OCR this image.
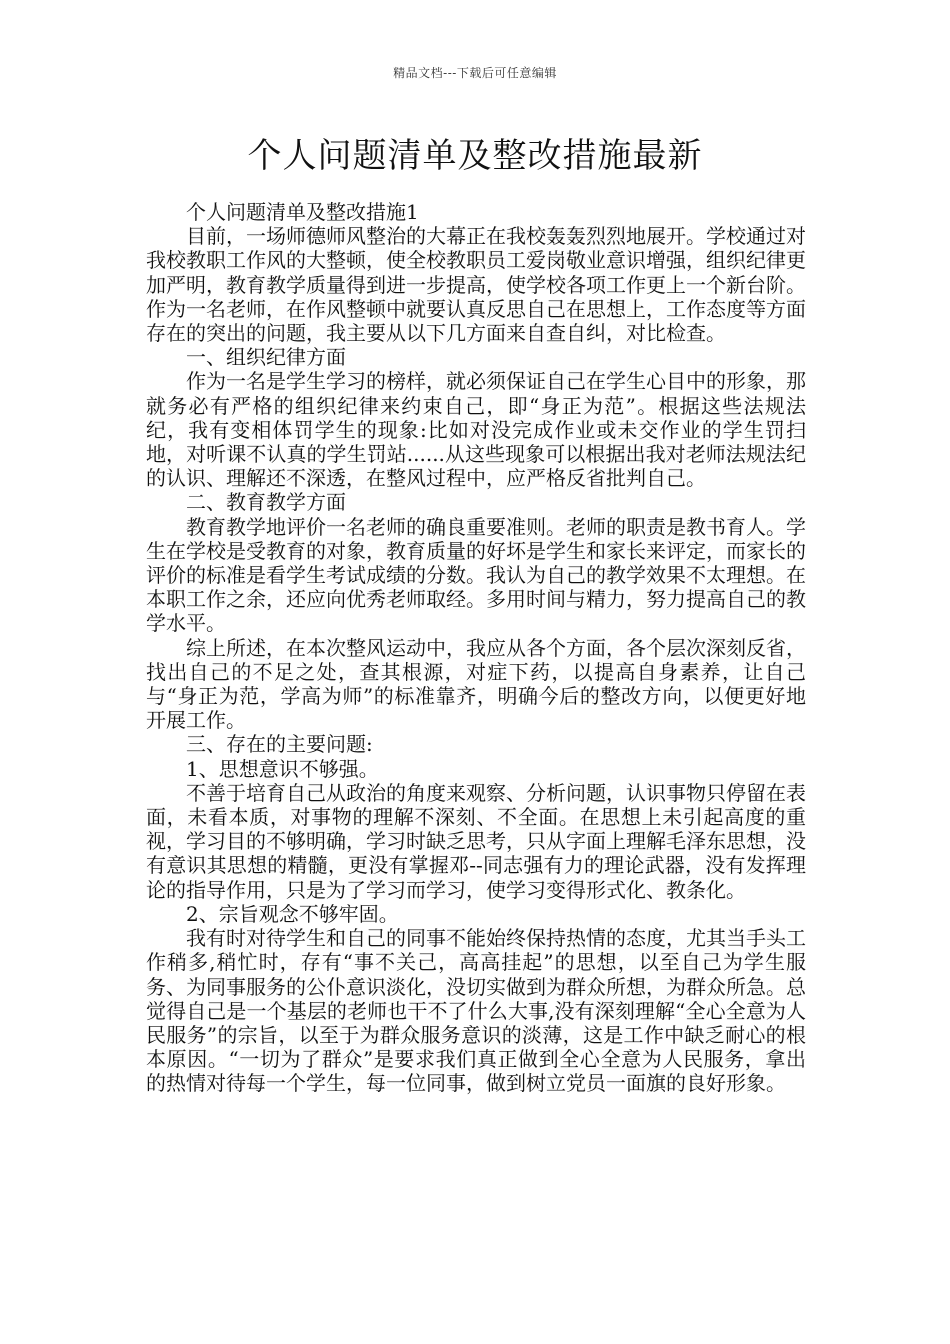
精品文档---下载后可任意编辑
个人问题清单及整改措施最新

个人问题清单及整改措施1

目前，一场师德师风整治的大幕正在我校轰轰烈烈地展开。学校通过对我校教职工作风的大整顿，使全校教职员工爱岗敬业意识增强，组织纪律更加严明，教育教学质量得到进一步提高，使学校各项工作更上一个新台阶。作为一名老师，在作风整顿中就要认真反思自己在思想上，工作态度等方面存在的突出的问题，我主要从以下几方面来自查自纠，对比检查。

一、组织纪律方面

作为一名是学生学习的榜样，就必须保证自己在学生心目中的形象，那就务必有严格的组织纪律来约束自己，即“身正为范”。根据这些法规法纪，我有变相体罚学生的现象:比如对没完成作业或未交作业的学生罚扫地，对听课不认真的学生罚站......从这些现象可以根据出我对老师法规法纪的认识、理解还不深透，在整风过程中，应严格反省批判自己。

二、教育教学方面

教育教学地评价一名老师的确良重要准则。老师的职责是教书育人。学生在学校是受教育的对象，教育质量的好坏是学生和家长来评定，而家长的评价的标准是看学生考试成绩的分数。我认为自己的教学效果不太理想。在本职工作之余，还应向优秀老师取经。多用时间与精力，努力提高自己的教学水平。

综上所述，在本次整风运动中，我应从各个方面，各个层次深刻反省，找出自己的不足之处，查其根源，对症下药，以提高自身素养，让自己与“身正为范，学高为师”的标准靠齐，明确今后的整改方向，以便更好地开展工作。

三、存在的主要问题:

1、思想意识不够强。

不善于培育自己从政治的角度来观察、分析问题，认识事物只停留在表面，未看本质，对事物的理解不深刻、不全面。在思想上未引起高度的重视，学习目的不够明确，学习时缺乏思考，只从字面上理解毛泽东思想，没有意识其思想的精髓，更没有掌握邓--同志强有力的理论武器，没有发挥理论的指导作用，只是为了学习而学习，使学习变得形式化、教条化。

2、宗旨观念不够牢固。

我有时对待学生和自己的同事不能始终保持热情的态度，尤其当手头工作稍多,稍忙时，存有“事不关己，高高挂起”的思想，以至自己为学生服务、为同事服务的公仆意识淡化，没切实做到为群众所想，为群众所急。总觉得自己是一个基层的老师也干不了什么大事,没有深刻理解“全心全意为人民服务”的宗旨，以至于为群众服务意识的淡薄，这是工作中缺乏耐心的根本原因。“一切为了群众”是要求我们真正做到全心全意为人民服务，拿出的热情对待每一个学生，每一位同事，做到树立党员一面旗的良好形象。
